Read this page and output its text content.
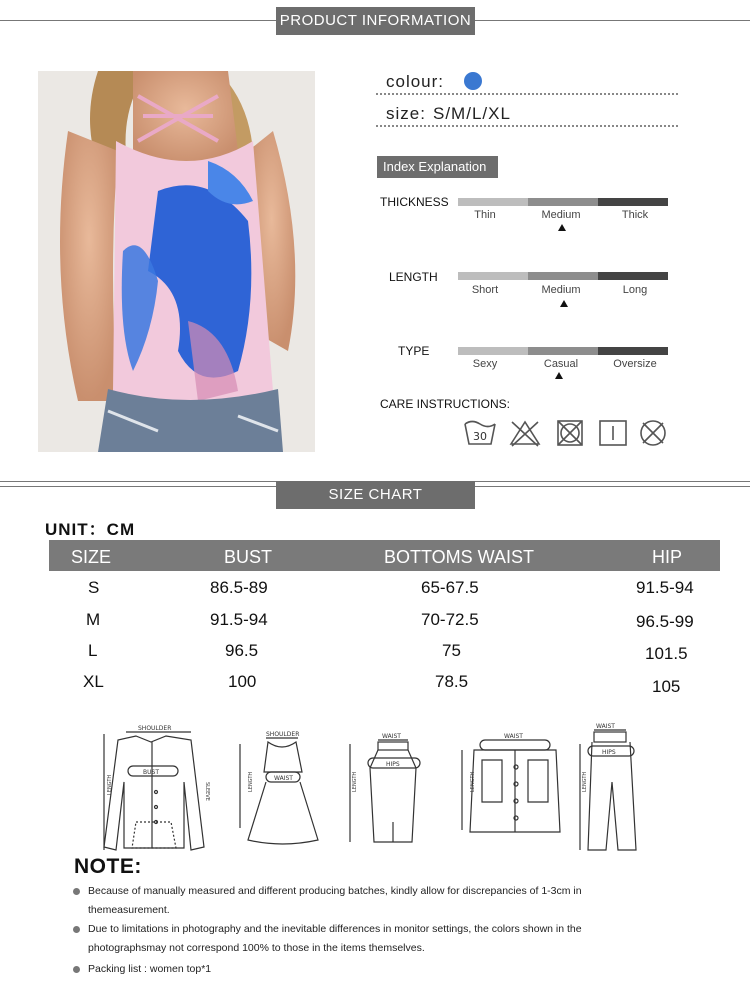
PRODUCT INFORMATION
colour:
size: S/M/L/XL
Index Explanation
THICKNESS
Thin	Medium	Thick
LENGTH
Short	Medium	Long
TYPE
Sexy	Casual	Oversize
CARE INSTRUCTIONS:
30
SIZE CHART
UNIT：CM
SIZE	BUST	BOTTOMS WAIST	HIP
S	86.5-89	65-67.5	91.5-94
M	91.5-94	70-72.5	96.5-99
L	96.5	75	101.5
XL	100	78.5	105
LENGTH
SHOULDER
BUST
SLEEVE	LENGTH
SHOULDER
WAIST	LENGTH
WAIST
HIPS
LENGTH
WAIST
LENGTH
WAIST
HIPS
NOTE:
Because of manually measured and different producing batches, kindly allow for discrepancies of 1-3cm in themeasurement.
Due to limitations in photography and the inevitable differences in monitor settings, the colors shown in the photographsmay not correspond 100% to those in the items themselves.
Packing list : women top*1
